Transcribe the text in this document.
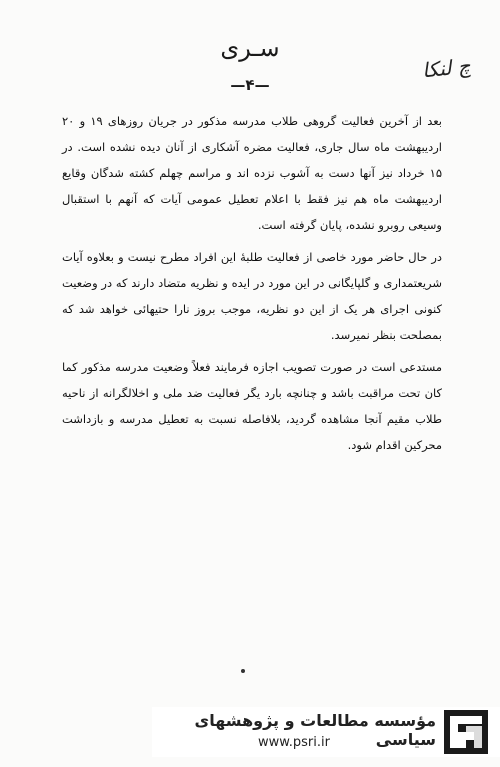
سـری
چ لنکا
—۴—

بعد از آخرین فعالیت گروهی طلاب مدرسه مذکور در جریان روزهای ۱۹ و ۲۰ اردیبهشت ماه سال جاری، فعالیت مضره آشکاری از آنان دیده نشده است. در ۱۵ خرداد نیز آنها دست به آشوب نزده اند و مراسم چهلم کشته شدگان وقایع اردیبهشت ماه هم نیز فقط با اعلام تعطیل عمومی آیات که آنهم با استقبال وسیعی روبرو نشده، پایان گرفته است.

در حال حاضر مورد خاصی از فعالیت طلبهٔ این افراد مطرح نیست و بعلاوه آیات شریعتمداری و گلپایگانی در این مورد در ایده و نظریه متضاد دارند که در وضعیت کنونی اجرای هر یک از این دو نظریه، موجب بروز نارا حتیهائی خواهد شد که بمصلحت بنظر نمیرسد.

مستدعی است در صورت تصویب اجازه فرمایند فعلاً وضعیت مدرسه مذکور کما کان تحت مراقبت باشد و چنانچه بارد یگر فعالیت ضد ملی و اخلالگرانه از ناحیه طلاب مقیم آنجا مشاهده گردید، بلافاصله نسبت به تعطیل مدرسه و بازداشت محرکین اقدام شود.

مؤسسه مطالعات و پژوهشهای سیاسی
www.psri.ir
